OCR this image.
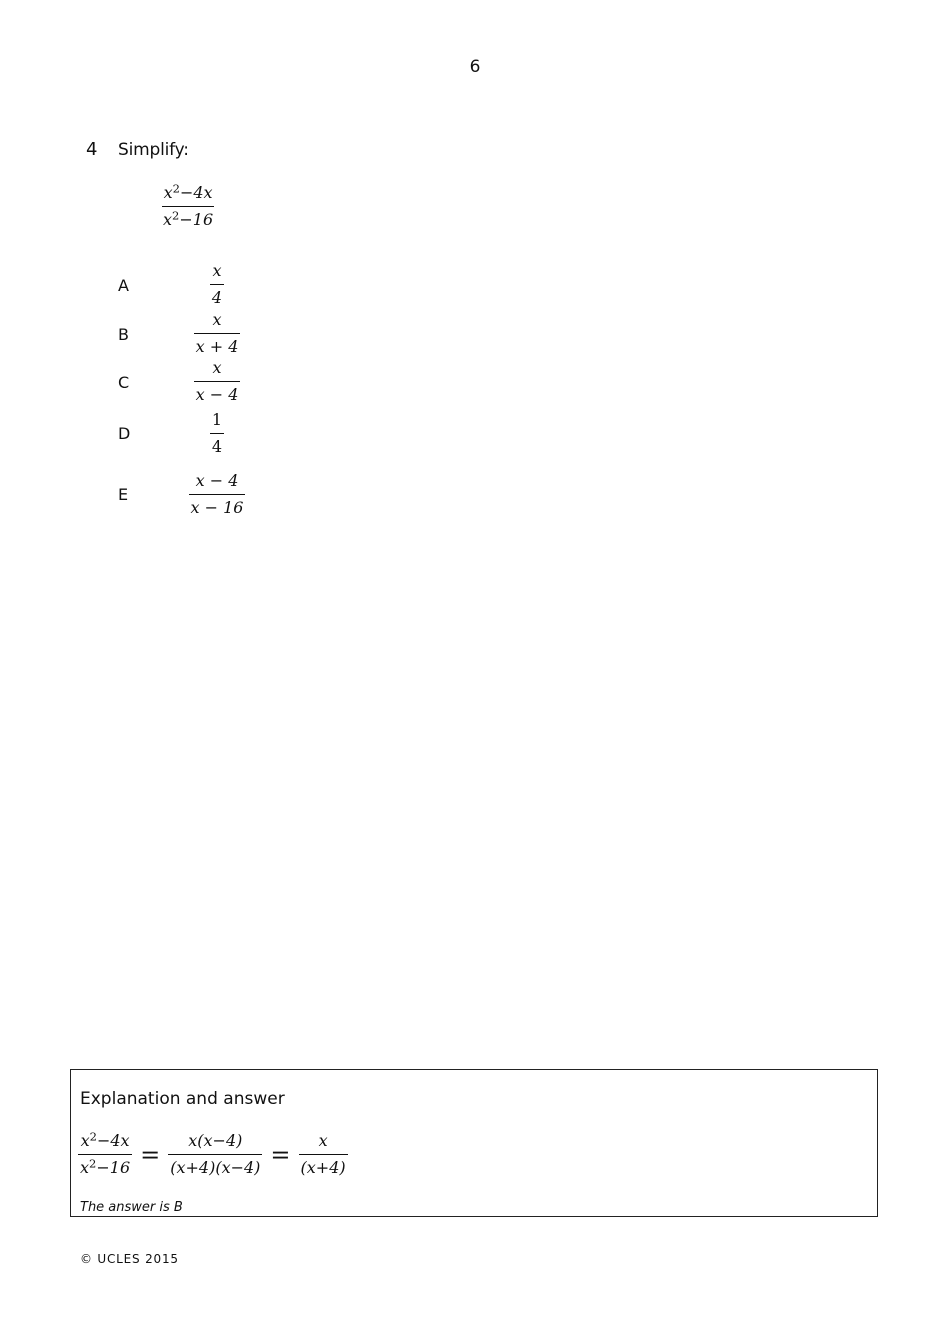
6
4 Simplify:
$\frac{x^2-4x}{x^2-16}$
A	$\frac{x}{4}$
B	$\frac{x}{x + 4}$
C	$\frac{x}{x - 4}$
D	$\frac{1}{4}$
E	$\frac{x - 4}{x - 16}$
Explanation and answer
$\frac{x^2-4x}{x^2-16} = \frac{x(x-4)}{(x+4)(x-4)} = \frac{x}{(x+4)}$
The answer is B
© UCLES 2015
